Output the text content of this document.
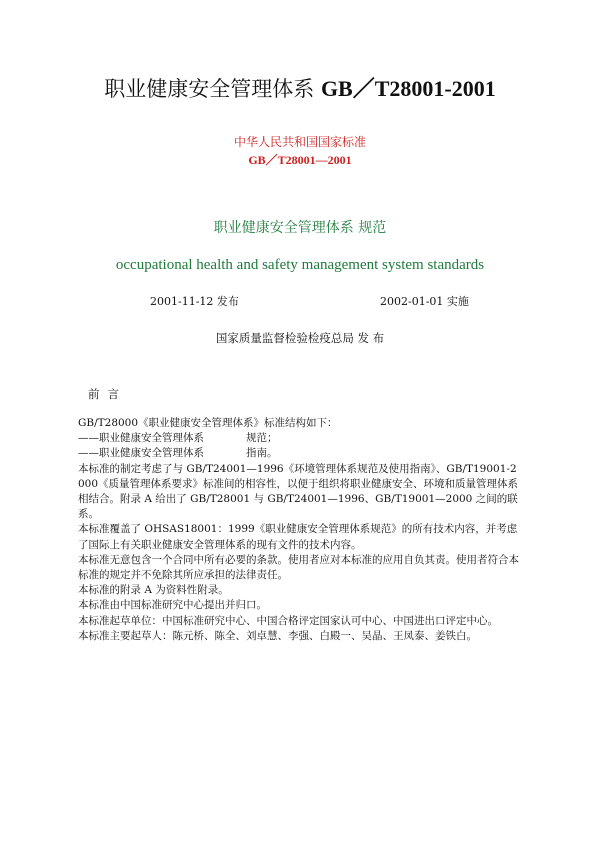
职业健康安全管理体系 GB／T28001-2001
中华人民共和国国家标准
GB／T28001—2001
职业健康安全管理体系 规范
occupational health and safety management system standards
2001-11-12 发布	2002-01-01 实施
国家质量监督检验检疫总局 发 布
前言

GB/T28000《职业健康安全管理体系》标准结构如下：

——职业健康安全管理体系	规范；
——职业健康安全管理体系	指南。

本标准的制定考虑了与 GB/T24001—1996《环境管理体系规范及使用指南》、GB/T19001-2000《质量管理体系要求》标准间的相容性，以便于组织将职业健康安全、环境和质量管理体系相结合。附录 A 给出了 GB/T28001 与 GB/T24001—1996、GB/T19001—2000 之间的联系。

本标准覆盖了 OHSAS18001：1999《职业健康安全管理体系规范》的所有技术内容，并考虑了国际上有关职业健康安全管理体系的现有文件的技术内容。

本标准无意包含一个合同中所有必要的条款。使用者应对本标准的应用自负其责。使用者符合本标准的规定并不免除其所应承担的法律责任。

本标准的附录 A 为资料性附录。

本标准由中国标准研究中心提出并归口。

本标准起草单位：中国标准研究中心、中国合格评定国家认可中心、中国进出口评定中心。

本标准主要起草人：陈元桥、陈全、刘卓慧、李强、白殿一、吴晶、王凤泰、姜铁白。
